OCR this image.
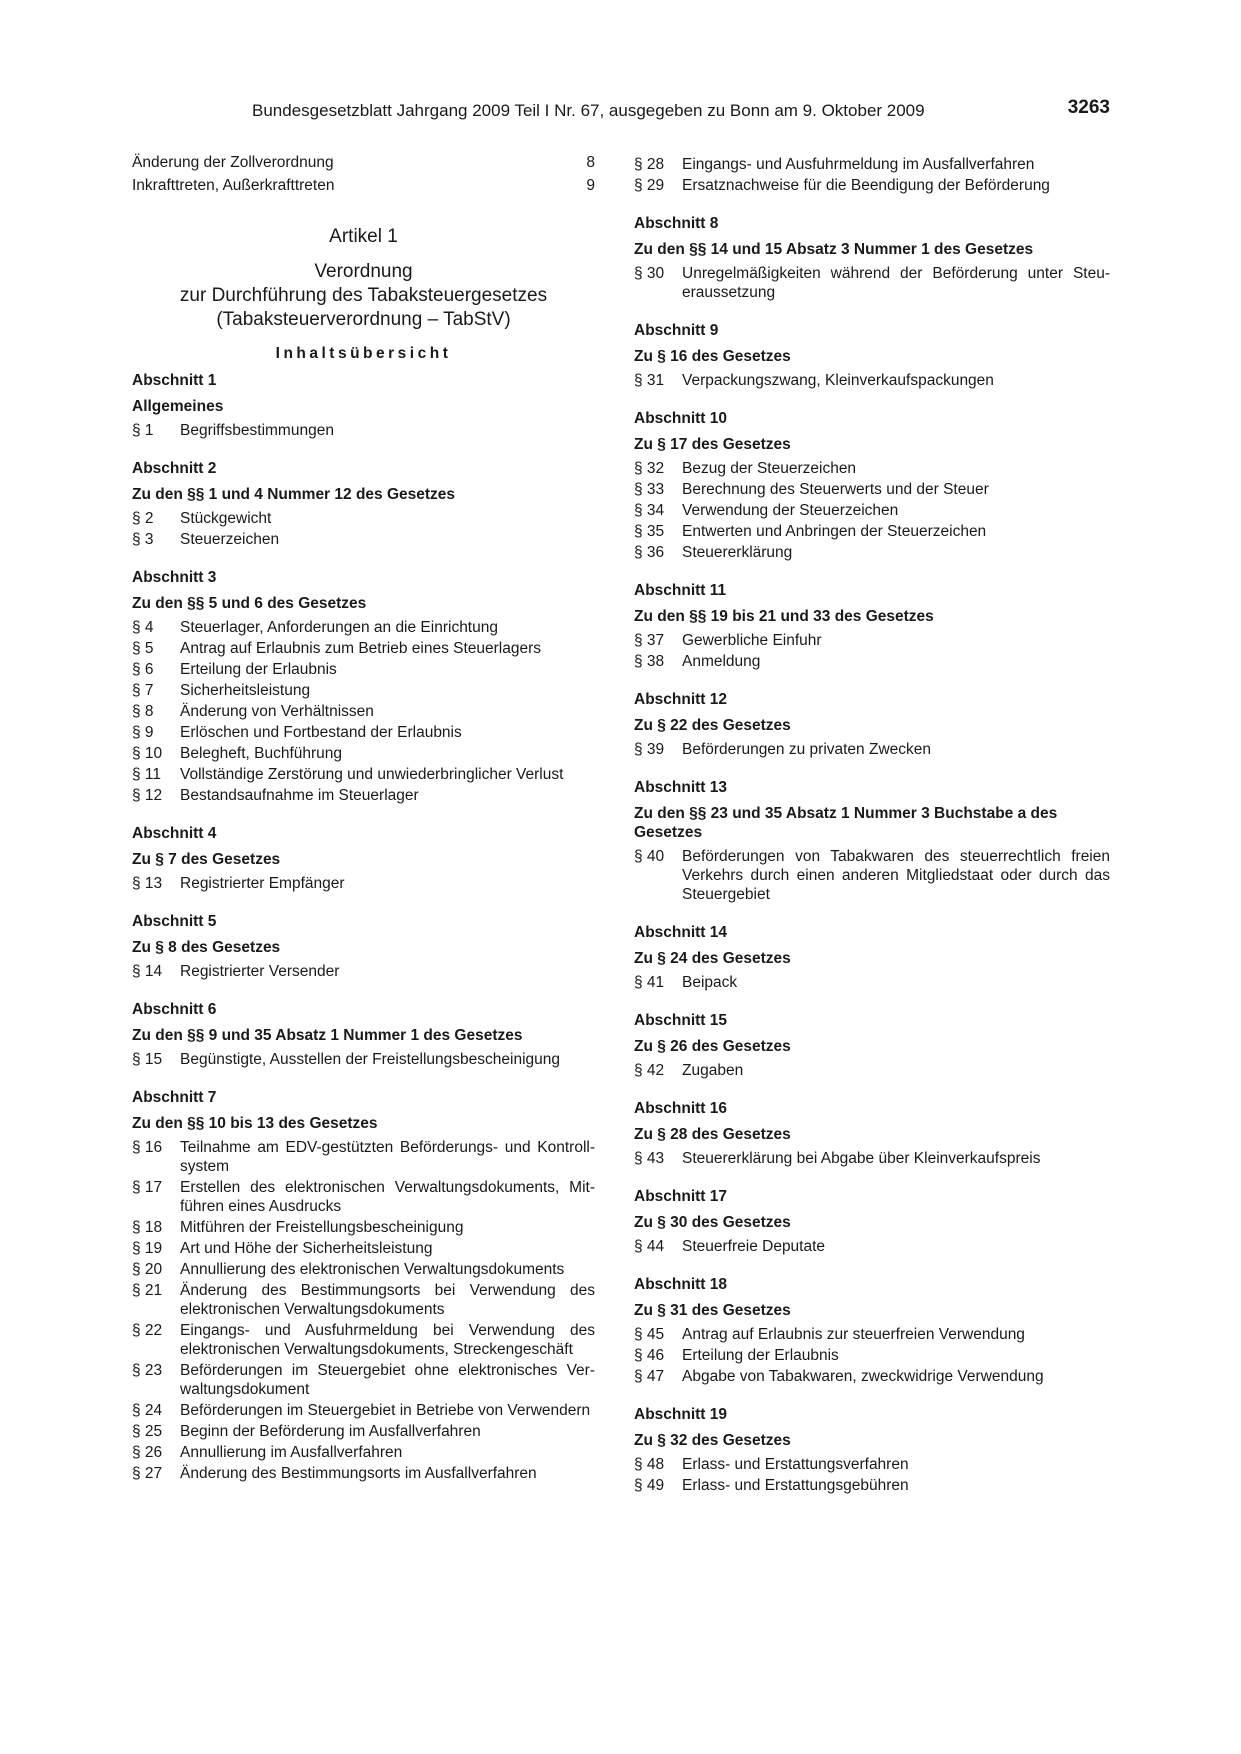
Bundesgesetzblatt Jahrgang 2009 Teil I Nr. 67, ausgegeben zu Bonn am 9. Oktober 2009	3263
Änderung der Zollverordnung	8
Inkrafttreten, Außerkrafttreten	9
Artikel 1
Verordnung
zur Durchführung des Tabaksteuergesetzes
(Tabaksteuerverordnung – TabStV)
Inhaltsübersicht
Abschnitt 1
Allgemeines
§ 1	Begriffsbestimmungen
Abschnitt 2
Zu den §§ 1 und 4 Nummer 12 des Gesetzes
§ 2	Stückgewicht
§ 3	Steuerzeichen
Abschnitt 3
Zu den §§ 5 und 6 des Gesetzes
§ 4	Steuerlager, Anforderungen an die Einrichtung
§ 5	Antrag auf Erlaubnis zum Betrieb eines Steuerlagers
§ 6	Erteilung der Erlaubnis
§ 7	Sicherheitsleistung
§ 8	Änderung von Verhältnissen
§ 9	Erlöschen und Fortbestand der Erlaubnis
§ 10	Belegheft, Buchführung
§ 11	Vollständige Zerstörung und unwiederbringlicher Verlust
§ 12	Bestandsaufnahme im Steuerlager
Abschnitt 4
Zu § 7 des Gesetzes
§ 13	Registrierter Empfänger
Abschnitt 5
Zu § 8 des Gesetzes
§ 14	Registrierter Versender
Abschnitt 6
Zu den §§ 9 und 35 Absatz 1 Nummer 1 des Gesetzes
§ 15	Begünstigte, Ausstellen der Freistellungsbescheinigung
Abschnitt 7
Zu den §§ 10 bis 13 des Gesetzes
§ 16	Teilnahme am EDV-gestützten Beförderungs- und Kontroll-system
§ 17	Erstellen des elektronischen Verwaltungsdokuments, Mit-führen eines Ausdrucks
§ 18	Mitführen der Freistellungsbescheinigung
§ 19	Art und Höhe der Sicherheitsleistung
§ 20	Annullierung des elektronischen Verwaltungsdokuments
§ 21	Änderung des Bestimmungsorts bei Verwendung des elektronischen Verwaltungsdokuments
§ 22	Eingangs- und Ausfuhrmeldung bei Verwendung des elektronischen Verwaltungsdokuments, Streckengeschäft
§ 23	Beförderungen im Steuergebiet ohne elektronisches Ver-waltungsdokument
§ 24	Beförderungen im Steuergebiet in Betriebe von Verwendern
§ 25	Beginn der Beförderung im Ausfallverfahren
§ 26	Annullierung im Ausfallverfahren
§ 27	Änderung des Bestimmungsorts im Ausfallverfahren
§ 28	Eingangs- und Ausfuhrmeldung im Ausfallverfahren
§ 29	Ersatznachweise für die Beendigung der Beförderung
Abschnitt 8
Zu den §§ 14 und 15 Absatz 3 Nummer 1 des Gesetzes
§ 30	Unregelmäßigkeiten während der Beförderung unter Steu-eraussetzung
Abschnitt 9
Zu § 16 des Gesetzes
§ 31	Verpackungszwang, Kleinverkaufspackungen
Abschnitt 10
Zu § 17 des Gesetzes
§ 32	Bezug der Steuerzeichen
§ 33	Berechnung des Steuerwerts und der Steuer
§ 34	Verwendung der Steuerzeichen
§ 35	Entwerten und Anbringen der Steuerzeichen
§ 36	Steuererklärung
Abschnitt 11
Zu den §§ 19 bis 21 und 33 des Gesetzes
§ 37	Gewerbliche Einfuhr
§ 38	Anmeldung
Abschnitt 12
Zu § 22 des Gesetzes
§ 39	Beförderungen zu privaten Zwecken
Abschnitt 13
Zu den §§ 23 und 35 Absatz 1 Nummer 3 Buchstabe a des Gesetzes
§ 40	Beförderungen von Tabakwaren des steuerrechtlich freien Verkehrs durch einen anderen Mitgliedstaat oder durch das Steuergebiet
Abschnitt 14
Zu § 24 des Gesetzes
§ 41	Beipack
Abschnitt 15
Zu § 26 des Gesetzes
§ 42	Zugaben
Abschnitt 16
Zu § 28 des Gesetzes
§ 43	Steuererklärung bei Abgabe über Kleinverkaufspreis
Abschnitt 17
Zu § 30 des Gesetzes
§ 44	Steuerfreie Deputate
Abschnitt 18
Zu § 31 des Gesetzes
§ 45	Antrag auf Erlaubnis zur steuerfreien Verwendung
§ 46	Erteilung der Erlaubnis
§ 47	Abgabe von Tabakwaren, zweckwidrige Verwendung
Abschnitt 19
Zu § 32 des Gesetzes
§ 48	Erlass- und Erstattungsverfahren
§ 49	Erlass- und Erstattungsgebühren
